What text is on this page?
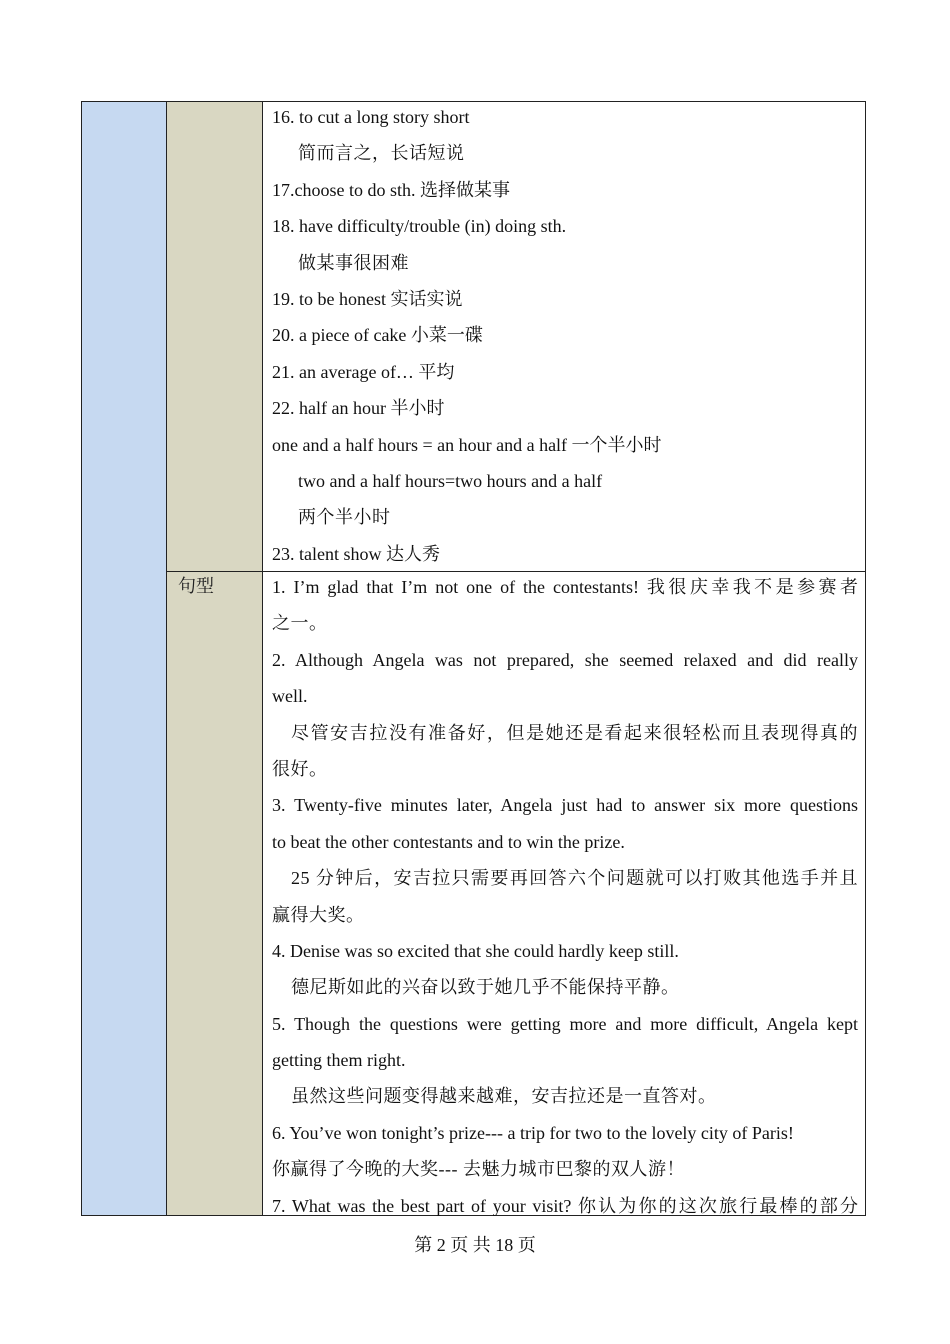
句型
16. to cut a long story short
简而言之，长话短说
17.choose to do sth. 选择做某事
18. have difficulty/trouble (in) doing sth.
做某事很困难
19. to be honest 实话实说
20. a piece of cake 小菜一碟
21. an average of… 平均
22. half an hour 半小时
one and a half hours = an hour and a half 一个半小时
two and a half hours=two hours and a half
两个半小时
23. talent show 达人秀
1. I’m glad that I’m not one of the contestants! 我很庆幸我不是参赛者
之一。
2. Although Angela was not prepared, she seemed relaxed and did really
well.
尽管安吉拉没有准备好，但是她还是看起来很轻松而且表现得真的
很好。
3. Twenty-five minutes later, Angela just had to answer six more questions
to beat the other contestants and to win the prize.
25 分钟后，安吉拉只需要再回答六个问题就可以打败其他选手并且
赢得大奖。
4. Denise was so excited that she could hardly keep still.
德尼斯如此的兴奋以致于她几乎不能保持平静。
5. Though the questions were getting more and more difficult, Angela kept
getting them right.
虽然这些问题变得越来越难，安吉拉还是一直答对。
6. You’ve won tonight’s prize--- a trip for two to the lovely city of Paris!
你赢得了今晚的大奖--- 去魅力城市巴黎的双人游！
7. What was the best part of your visit? 你认为你的这次旅行最棒的部分
第 2 页 共 18 页
